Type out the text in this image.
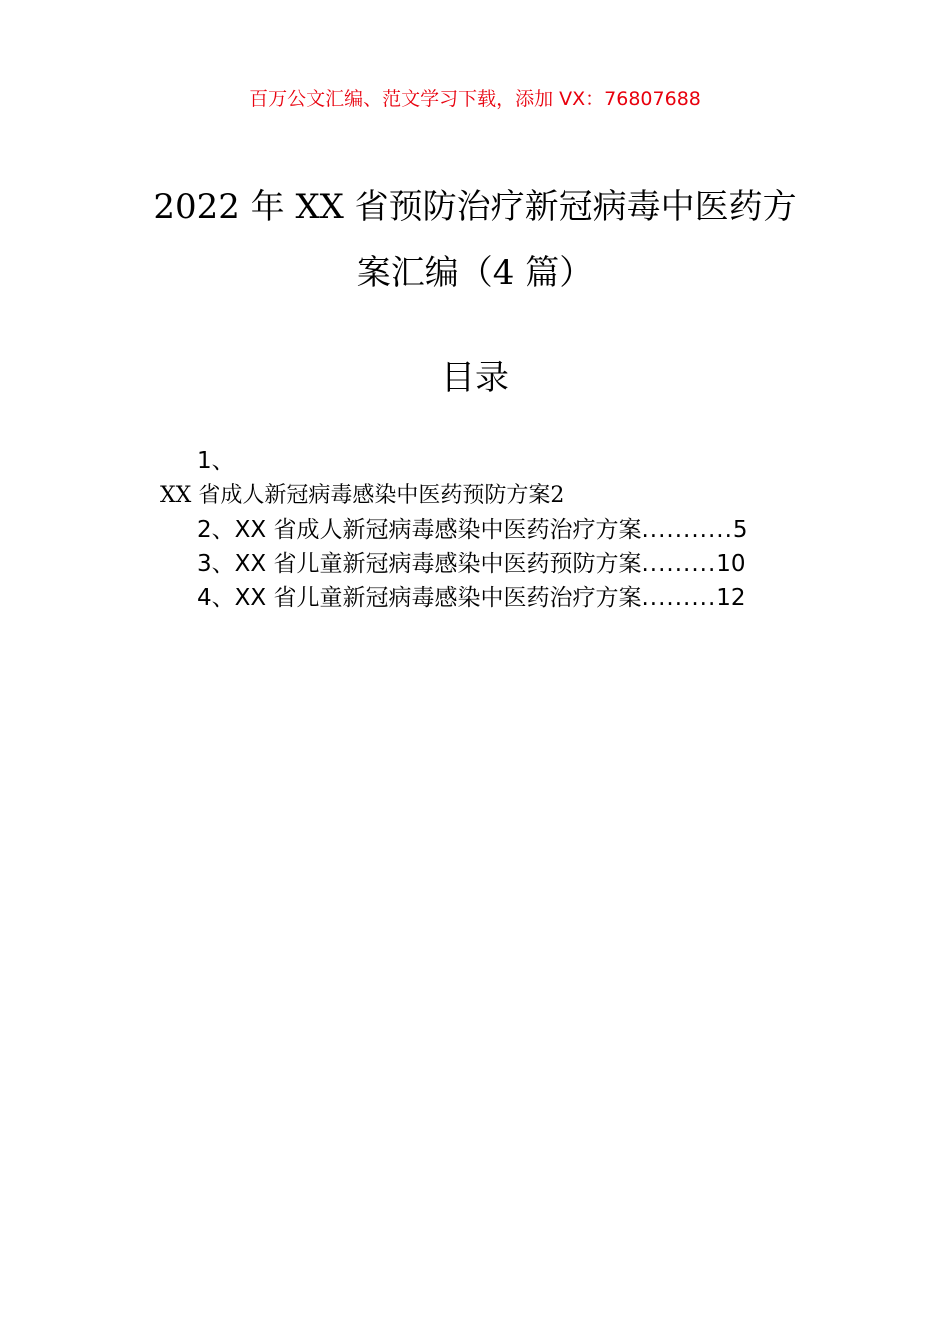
百万公文汇编、范文学习下载，添加 VX：76807688
2022 年 XX 省预防治疗新冠病毒中医药方
案汇编（4 篇）
目录
1、
XX 省成人新冠病毒感染中医药预防方案 2
2、XX 省成人新冠病毒感染中医药治疗方案 ........... 5
3、XX 省儿童新冠病毒感染中医药预防方案 ......... 10
4、XX 省儿童新冠病毒感染中医药治疗方案 ......... 12
